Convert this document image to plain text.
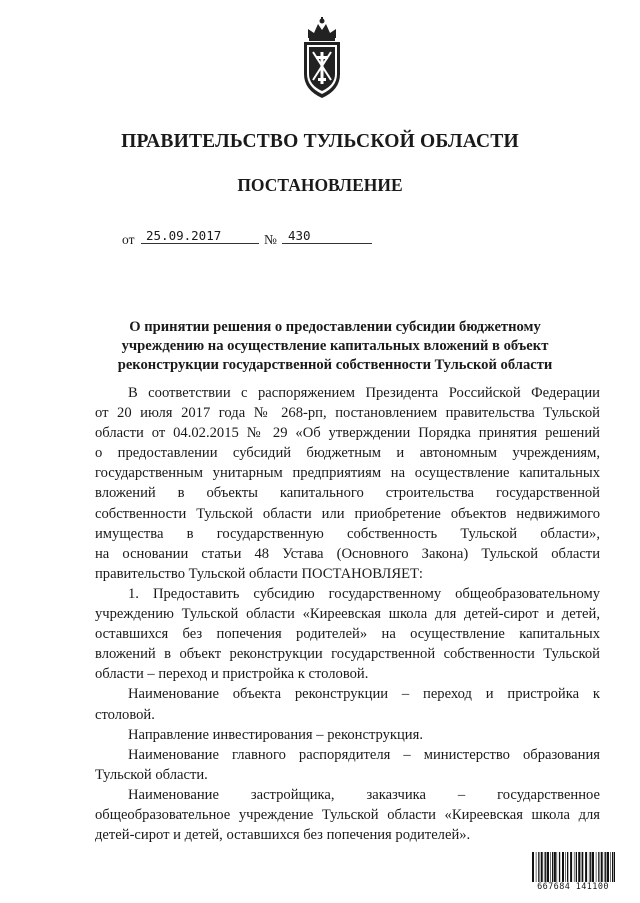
ПРАВИТЕЛЬСТВО ТУЛЬСКОЙ ОБЛАСТИ
ПОСТАНОВЛЕНИЕ
от 25.09.2017	№ 430
О принятии решения о предоставлении субсидии бюджетному
учреждению на осуществление капитальных вложений в объект
реконструкции государственной собственности Тульской области

В соответствии с распоряжением Президента Российской Федерации

от 20 июля 2017 года № 268-рп, постановлением правительства Тульской

области от 04.02.2015 № 29 «Об утверждении Порядка принятия решений

о предоставлении субсидий бюджетным и автономным учреждениям,

государственным унитарным предприятиям на осуществление капитальных

вложений в объекты капитального строительства государственной

собственности Тульской области или приобретение объектов недвижимого

имущества в государственную собственность Тульской области»,

на основании статьи 48 Устава (Основного Закона) Тульской области

правительство Тульской области ПОСТАНОВЛЯЕТ:

1. Предоставить субсидию государственному общеобразовательному

учреждению Тульской области «Киреевская школа для детей-сирот и детей,

оставшихся без попечения родителей» на осуществление капитальных

вложений в объект реконструкции государственной собственности Тульской

области – переход и пристройка к столовой.

Наименование объекта реконструкции – переход и пристройка к

столовой.

Направление инвестирования – реконструкция.

Наименование главного распорядителя – министерство образования

Тульской области.

Наименование застройщика, заказчика – государственное

общеобразовательное учреждение Тульской области «Киреевская школа для

детей-сирот и детей, оставшихся без попечения родителей».

667684 141100
